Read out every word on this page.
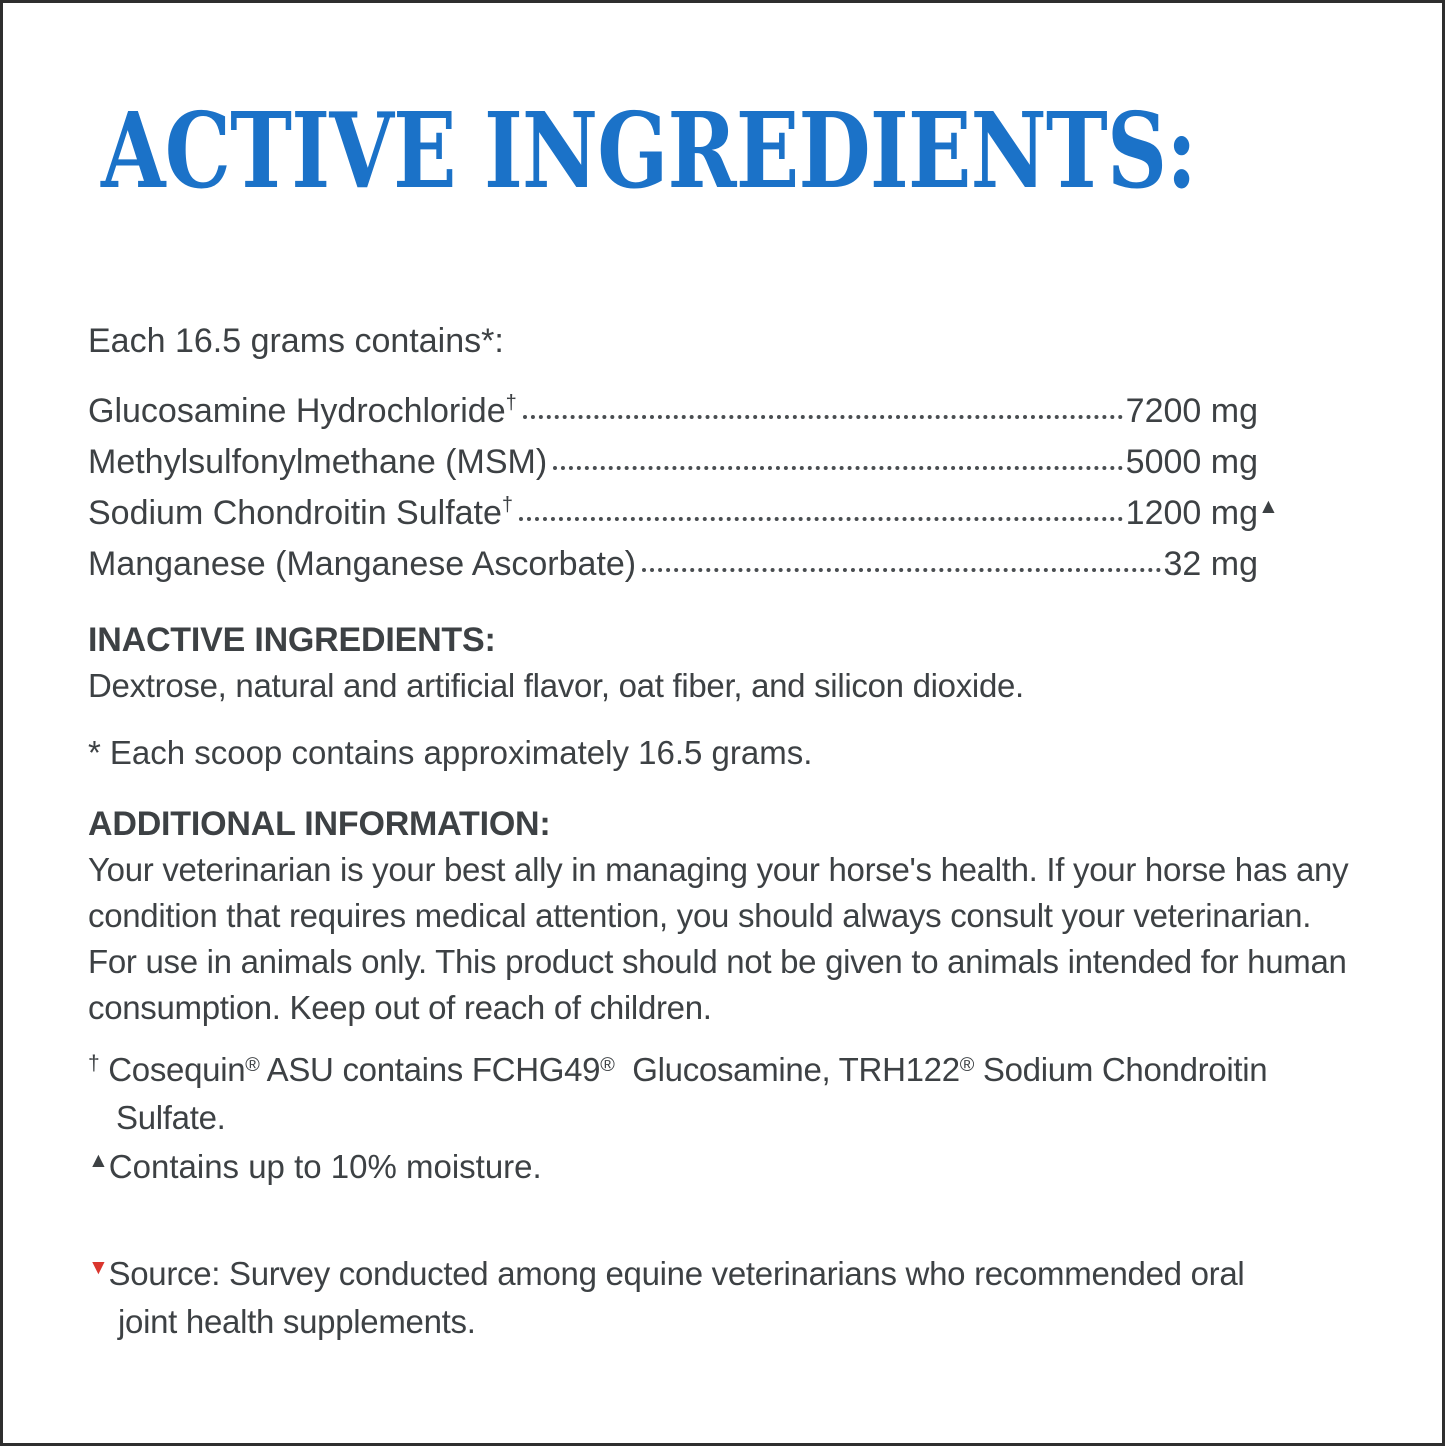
ACTIVE INGREDIENTS:

Each 16.5 grams contains*:

Glucosamine Hydrochloride†	7200 mg
Methylsulfonylmethane (MSM)	5000 mg
Sodium Chondroitin Sulfate†	1200 mg▲
Manganese (Manganese Ascorbate)	32 mg
INACTIVE INGREDIENTS:

Dextrose, natural and artificial flavor, oat fiber, and silicon dioxide.

* Each scoop contains approximately 16.5 grams.

ADDITIONAL INFORMATION:

Your veterinarian is your best ally in managing your horse's health. If your horse has any condition that requires medical attention, you should always consult your veterinarian. For use in animals only. This product should not be given to animals intended for human consumption. Keep out of reach of children.

† Cosequin® ASU contains FCHG49®  Glucosamine, TRH122® Sodium Chondroitin Sulfate.

▲Contains up to 10% moisture.

▼Source: Survey conducted among equine veterinarians who recommended oral joint health supplements.
